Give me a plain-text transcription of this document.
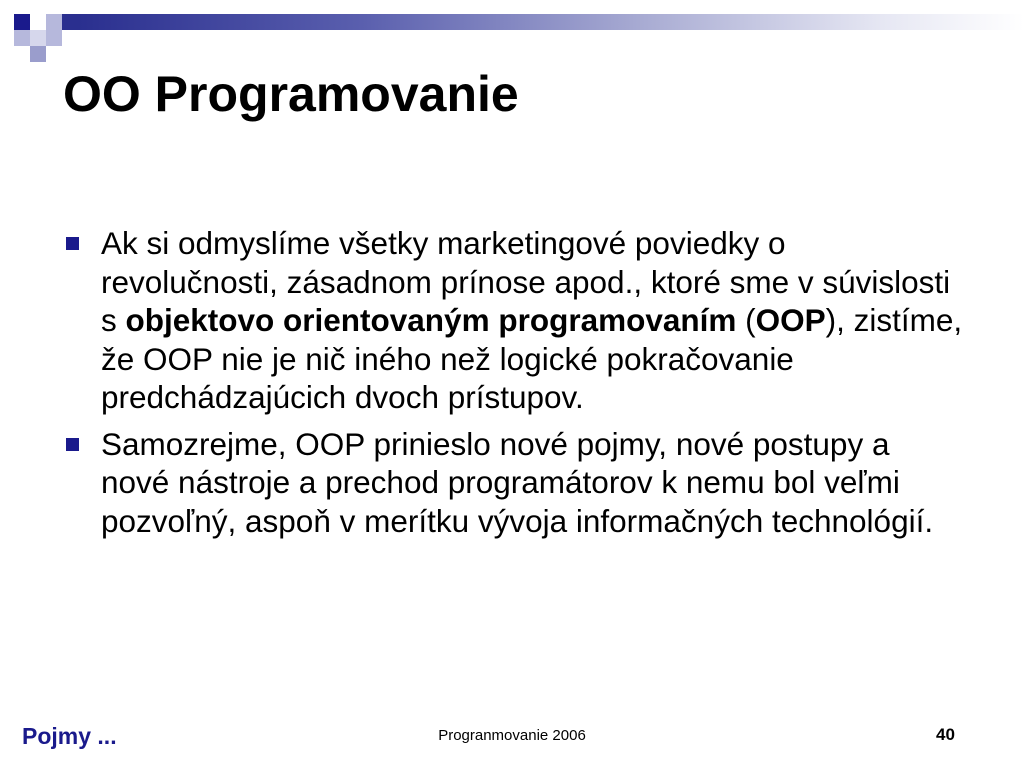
OO Programovanie
Ak si odmyslíme všetky marketingové poviedky o revolučnosti, zásadnom prínose apod., ktoré sme v súvislosti s objektovo orientovaným programovaním (OOP), zistíme, že OOP nie je nič iného než logické pokračovanie predchádzajúcich dvoch prístupov.
Samozrejme, OOP prinieslo nové pojmy, nové postupy a nové nástroje a prechod programátorov k nemu bol veľmi pozvoľný, aspoň v merítku vývoja informačných technológií.
Pojmy ...	Progranmovanie 2006	40
